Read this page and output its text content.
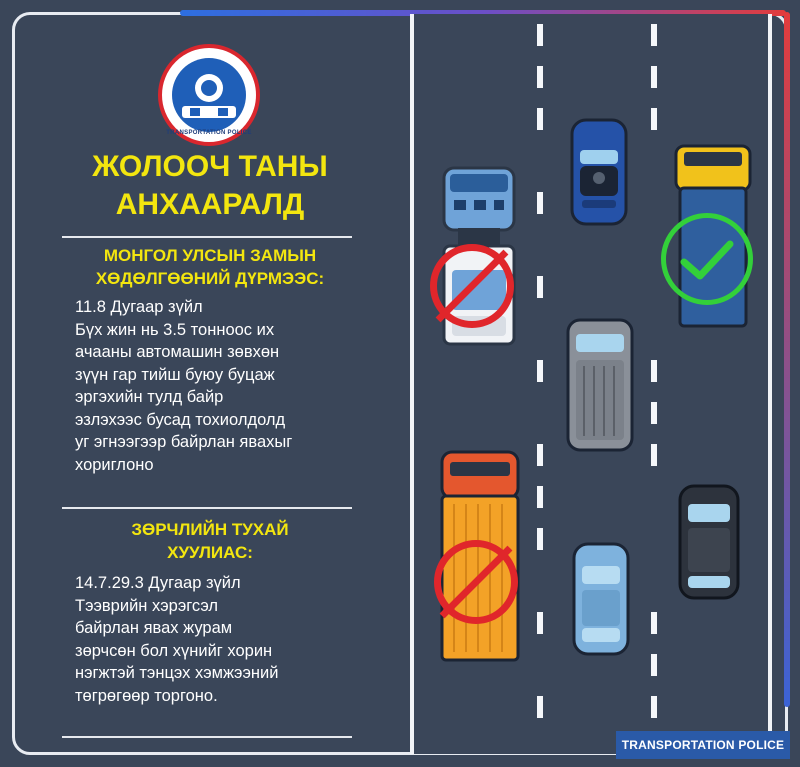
TRANSPORTATION POLICE
ЖОЛООЧ ТАНЫ
АНХААРАЛД
МОНГОЛ УЛСЫН ЗАМЫН
ХӨДӨЛГӨӨНИЙ ДҮРМЭЭС:
11.8 Дугаар зүйл
Бүх жин нь 3.5 тонноос их
ачааны автомашин зөвхөн
зүүн гар тийш буюу буцаж
эргэхийн тулд байр
эзлэхээс бусад тохиолдолд
уг эгнээгээр байрлан явахыг
хориглоно
ЗӨРЧЛИЙН ТУХАЙ
ХУУЛИАС:
14.7.29.3 Дугаар зүйл
Тээврийн хэрэгсэл
байрлан явах журам
зөрчсөн бол хүнийг хорин
нэгжтэй тэнцэх хэмжээний
төгрөгөөр торгоно.
TRANSPORTATION POLICE
